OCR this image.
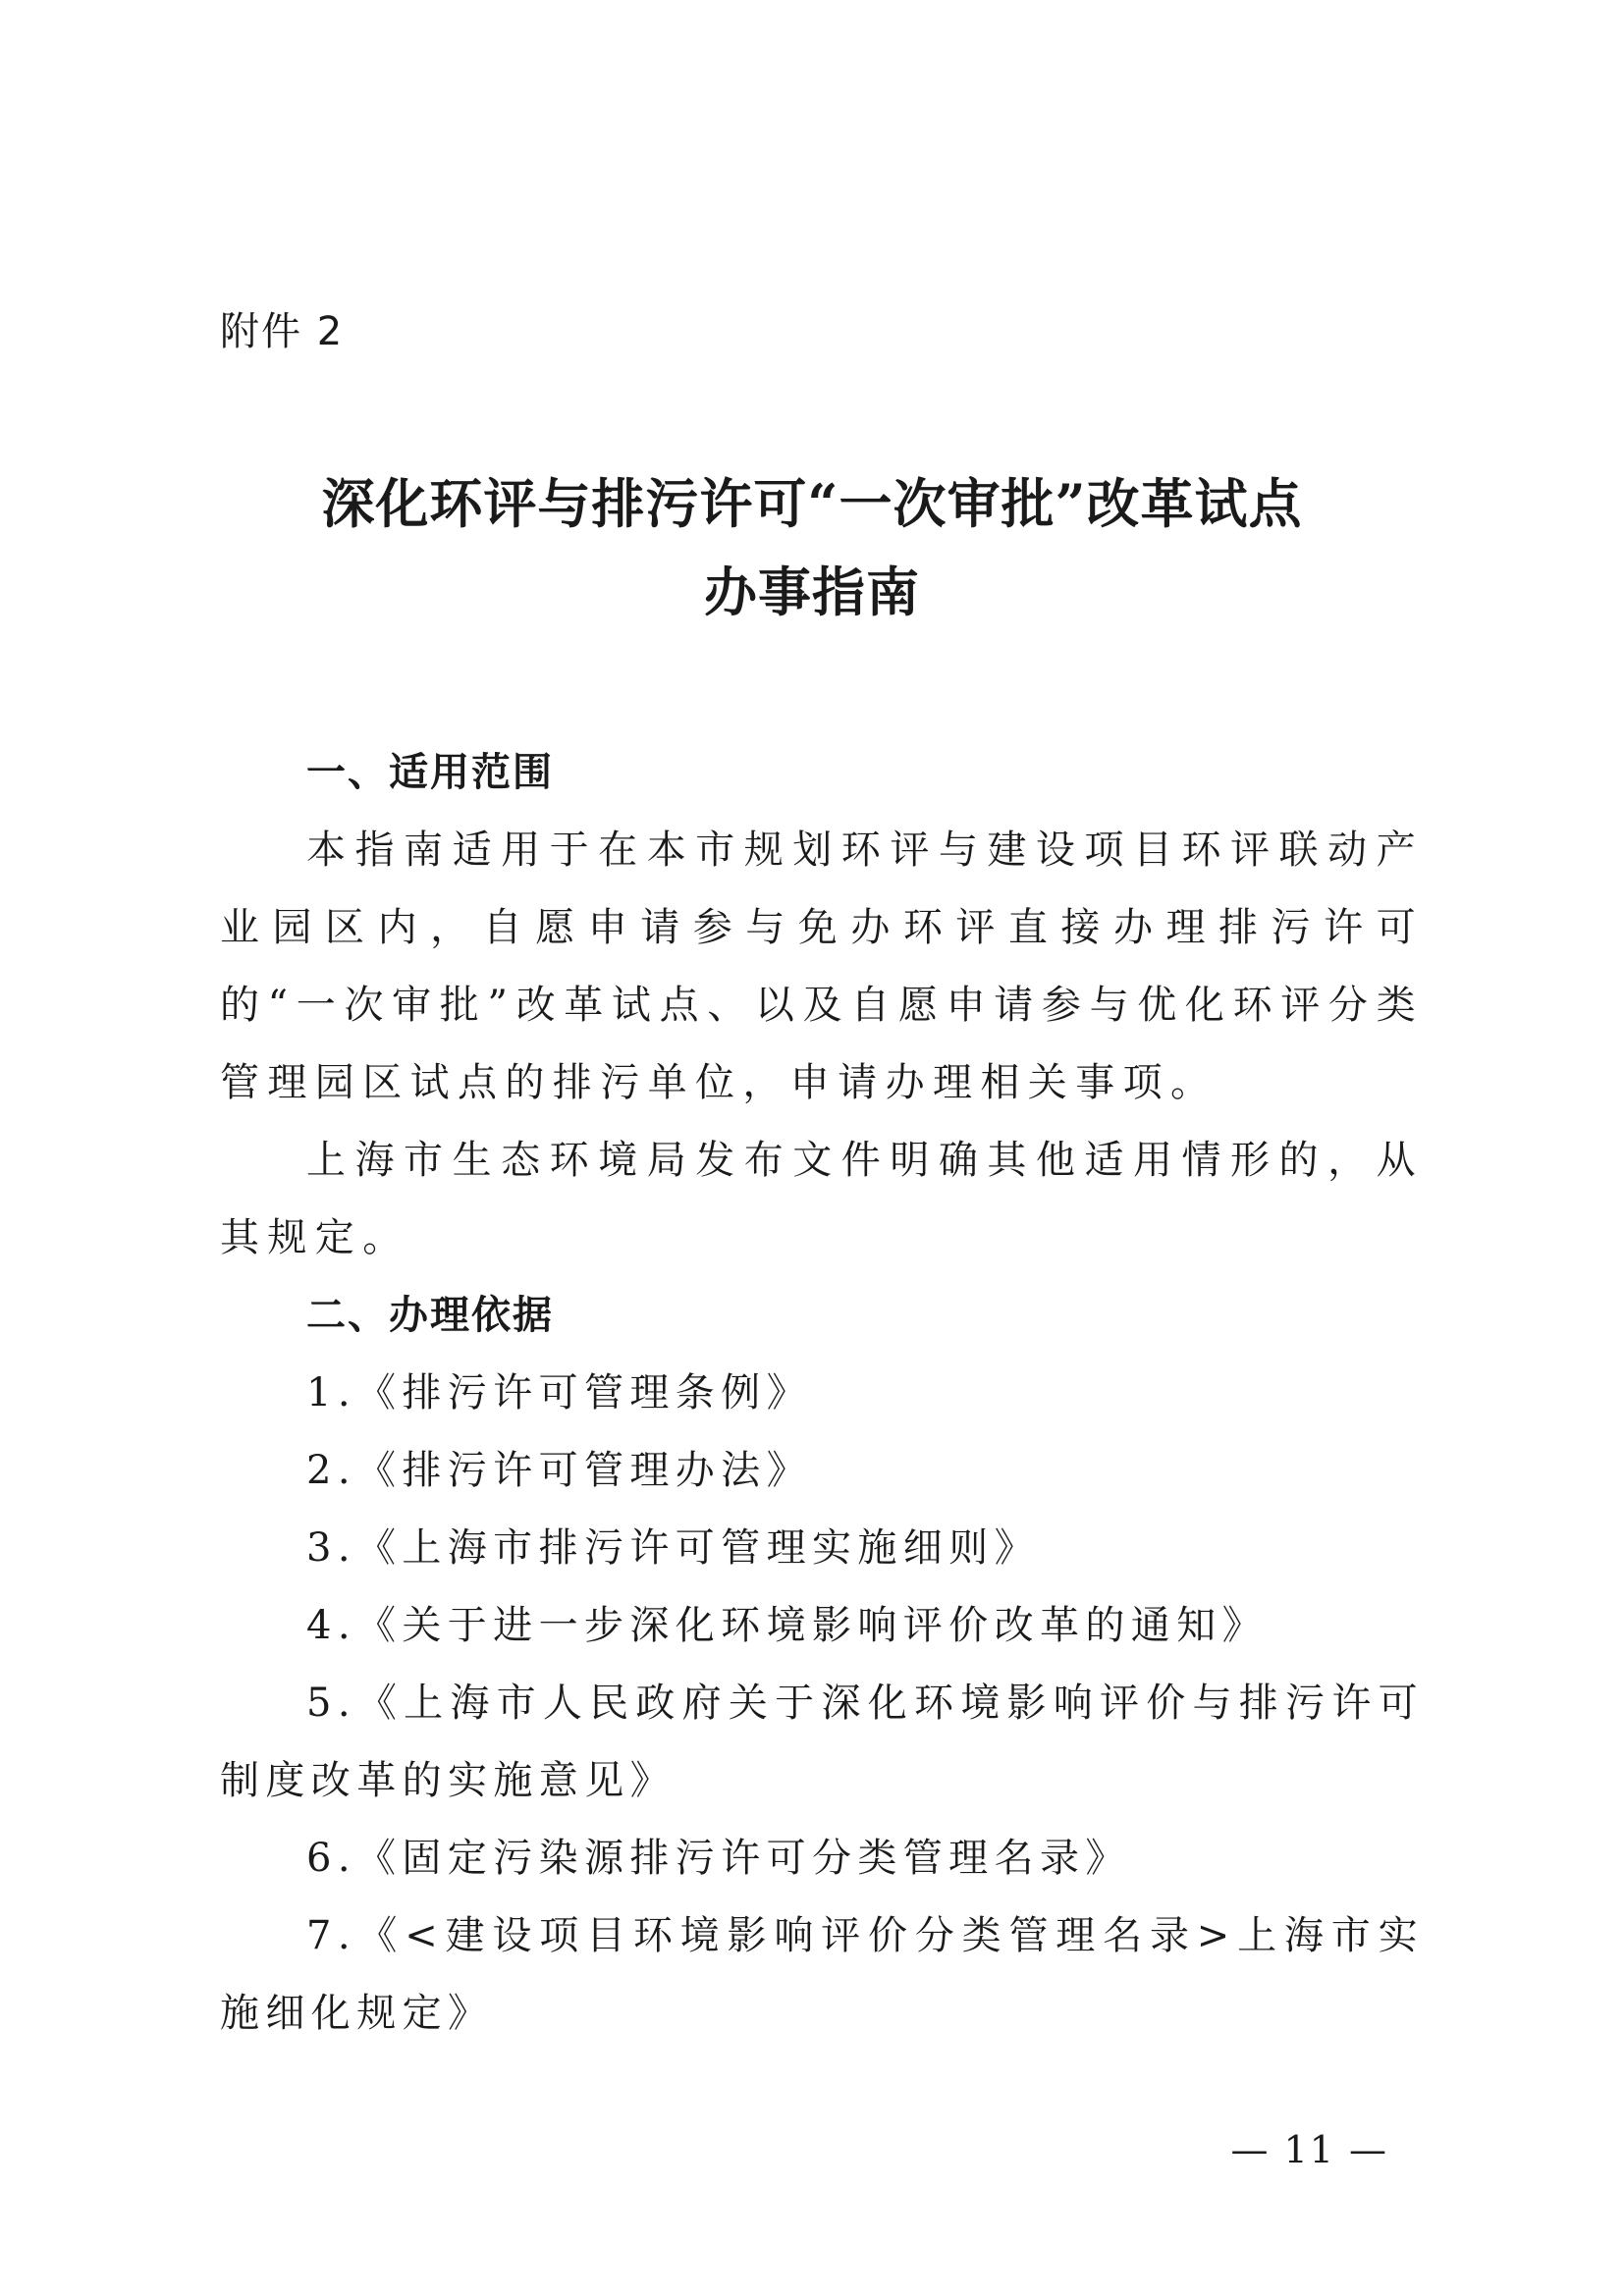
附件 2

深化环评与排污许可“一次审批”改革试点
办事指南

一、适用范围

本指南适用于在本市规划环评与建设项目环评联动产业园区内，自愿申请参与免办环评直接办理排污许可的“一次审批”改革试点、以及自愿申请参与优化环评分类管理园区试点的排污单位，申请办理相关事项。

上海市生态环境局发布文件明确其他适用情形的，从其规定。

二、办理依据

1.《排污许可管理条例》

2.《排污许可管理办法》

3.《上海市排污许可管理实施细则》

4.《关于进一步深化环境影响评价改革的通知》

5.《上海市人民政府关于深化环境影响评价与排污许可制度改革的实施意见》

6.《固定污染源排污许可分类管理名录》

7.《<建设项目环境影响评价分类管理名录>上海市实施细化规定》

— 11 —
